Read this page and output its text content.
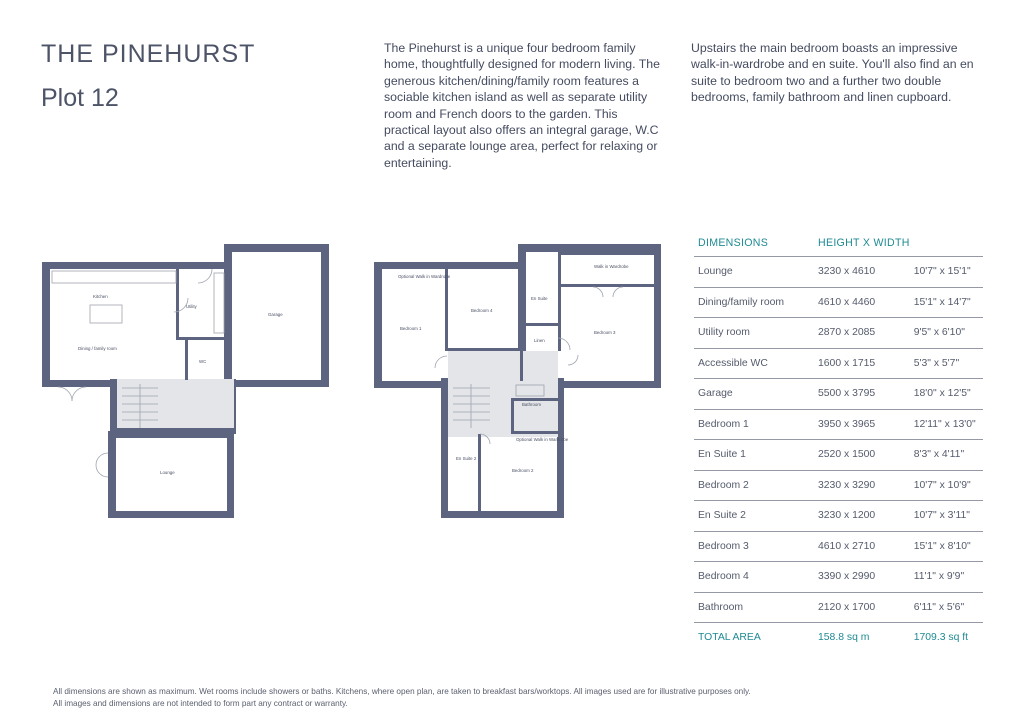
THE PINEHURST
Plot 12

The Pinehurst is a unique four bedroom family home, thoughtfully designed for modern living. The generous kitchen/dining/family room features a sociable kitchen island as well as separate utility room and French doors to the garden. This practical layout also offers an integral garage, W.C and a separate lounge area, perfect for relaxing or entertaining.

Upstairs the main bedroom boasts an impressive walk-in-wardrobe and en suite. You'll also find an en suite to bedroom two and a further two double bedrooms, family bathroom and linen cupboard.

Kitchen
Dining / family room
Utility
Garage
WC
Lounge
Optional Walk in Wardrobe
Bedroom 1
Bedroom 4
En Suite
Walk in Wardrobe
Bedroom 3
Linen
Bathroom
Optional Walk in Wardrobe
En Suite 2
Bedroom 2
DIMENSIONS	HEIGHT X WIDTH	
Lounge	3230 x 4610	10'7" x 15'1"
Dining/family room	4610 x 4460	15'1" x 14'7"
Utility room	2870 x 2085	9'5" x 6'10"
Accessible WC	1600 x 1715	5'3" x 5'7"
Garage	5500 x 3795	18'0" x 12'5"
Bedroom 1	3950 x 3965	12'11" x 13'0"
En Suite 1	2520 x 1500	8'3" x 4'11"
Bedroom 2	3230 x 3290	10'7" x 10'9"
En Suite 2	3230 x 1200	10'7" x 3'11"
Bedroom 3	4610 x 2710	15'1" x 8'10"
Bedroom 4	3390 x 2990	11'1" x 9'9"
Bathroom	2120 x 1700	6'11" x 5'6"
TOTAL AREA	158.8 sq m	1709.3 sq ft
All dimensions are shown as maximum. Wet rooms include showers or baths. Kitchens, where open plan, are taken to breakfast bars/worktops. All images used are for illustrative purposes only.
All images and dimensions are not intended to form part any contract or warranty.
